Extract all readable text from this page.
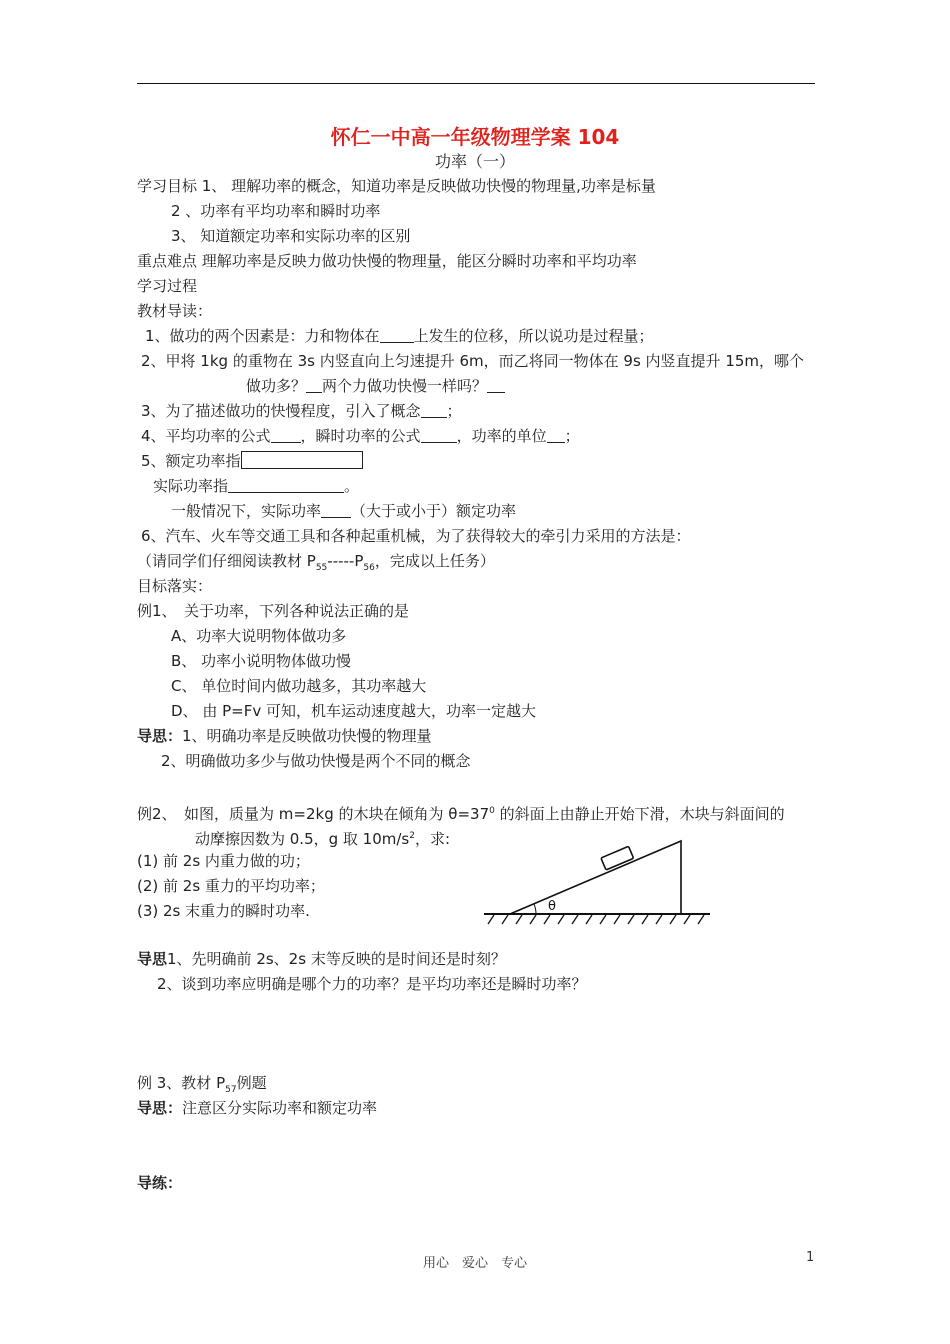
怀仁一中高一年级物理学案 104
功率（一）
学习目标 1、 理解功率的概念，知道功率是反映做功快慢的物理量,功率是标量
2 、功率有平均功率和瞬时功率
3、 知道额定功率和实际功率的区别
重点难点 理解功率是反映力做功快慢的物理量，能区分瞬时功率和平均功率
学习过程
教材导读：
1、做功的两个因素是：力和物体在 上发生的位移，所以说功是过程量；
2、甲将 1kg 的重物在 3s 内竖直向上匀速提升 6m，而乙将同一物体在 9s 内竖直提升 15m，哪个
做功多？ 两个力做功快慢一样吗？
3、为了描述做功的快慢程度，引入了概念 ；
4、平均功率的公式 ，瞬时功率的公式 ，功率的单位 ；
5、额定功率指
实际功率指	。
一般情况下，实际功率 （大于或小于）额定功率
6、汽车、火车等交通工具和各种起重机械，为了获得较大的牵引力采用的方法是：
（请同学们仔细阅读教材 $P_{55}-----P_{56}$，完成以上任务）
目标落实：
例1、　关于功率，下列各种说法正确的是
A、功率大说明物体做功多
B、 功率小说明物体做功慢
C、 单位时间内做功越多，其功率越大
D、 由 P=Fv 可知，机车运动速度越大，功率一定越大
导思：1、明确功率是反映做功快慢的物理量
2、明确做功多少与做功快慢是两个不同的概念
例2、　如图，质量为 m=2kg 的木块在倾角为 $\theta=37^0$ 的斜面上由静止开始下滑，木块与斜面间的
动摩擦因数为 0.5，g 取 $10m/s^2$，求:
(1) 前 2s 内重力做的功；
(2) 前 2s 重力的平均功率；
(3) 2s 末重力的瞬时功率.	θ
导思1、先明确前 2s、2s 末等反映的是时间还是时刻？
2、谈到功率应明确是哪个力的功率？是平均功率还是瞬时功率？
例 3、教材 $P_{57}$例题
导思：注意区分实际功率和额定功率
导练：
用心　爱心　专心	1
